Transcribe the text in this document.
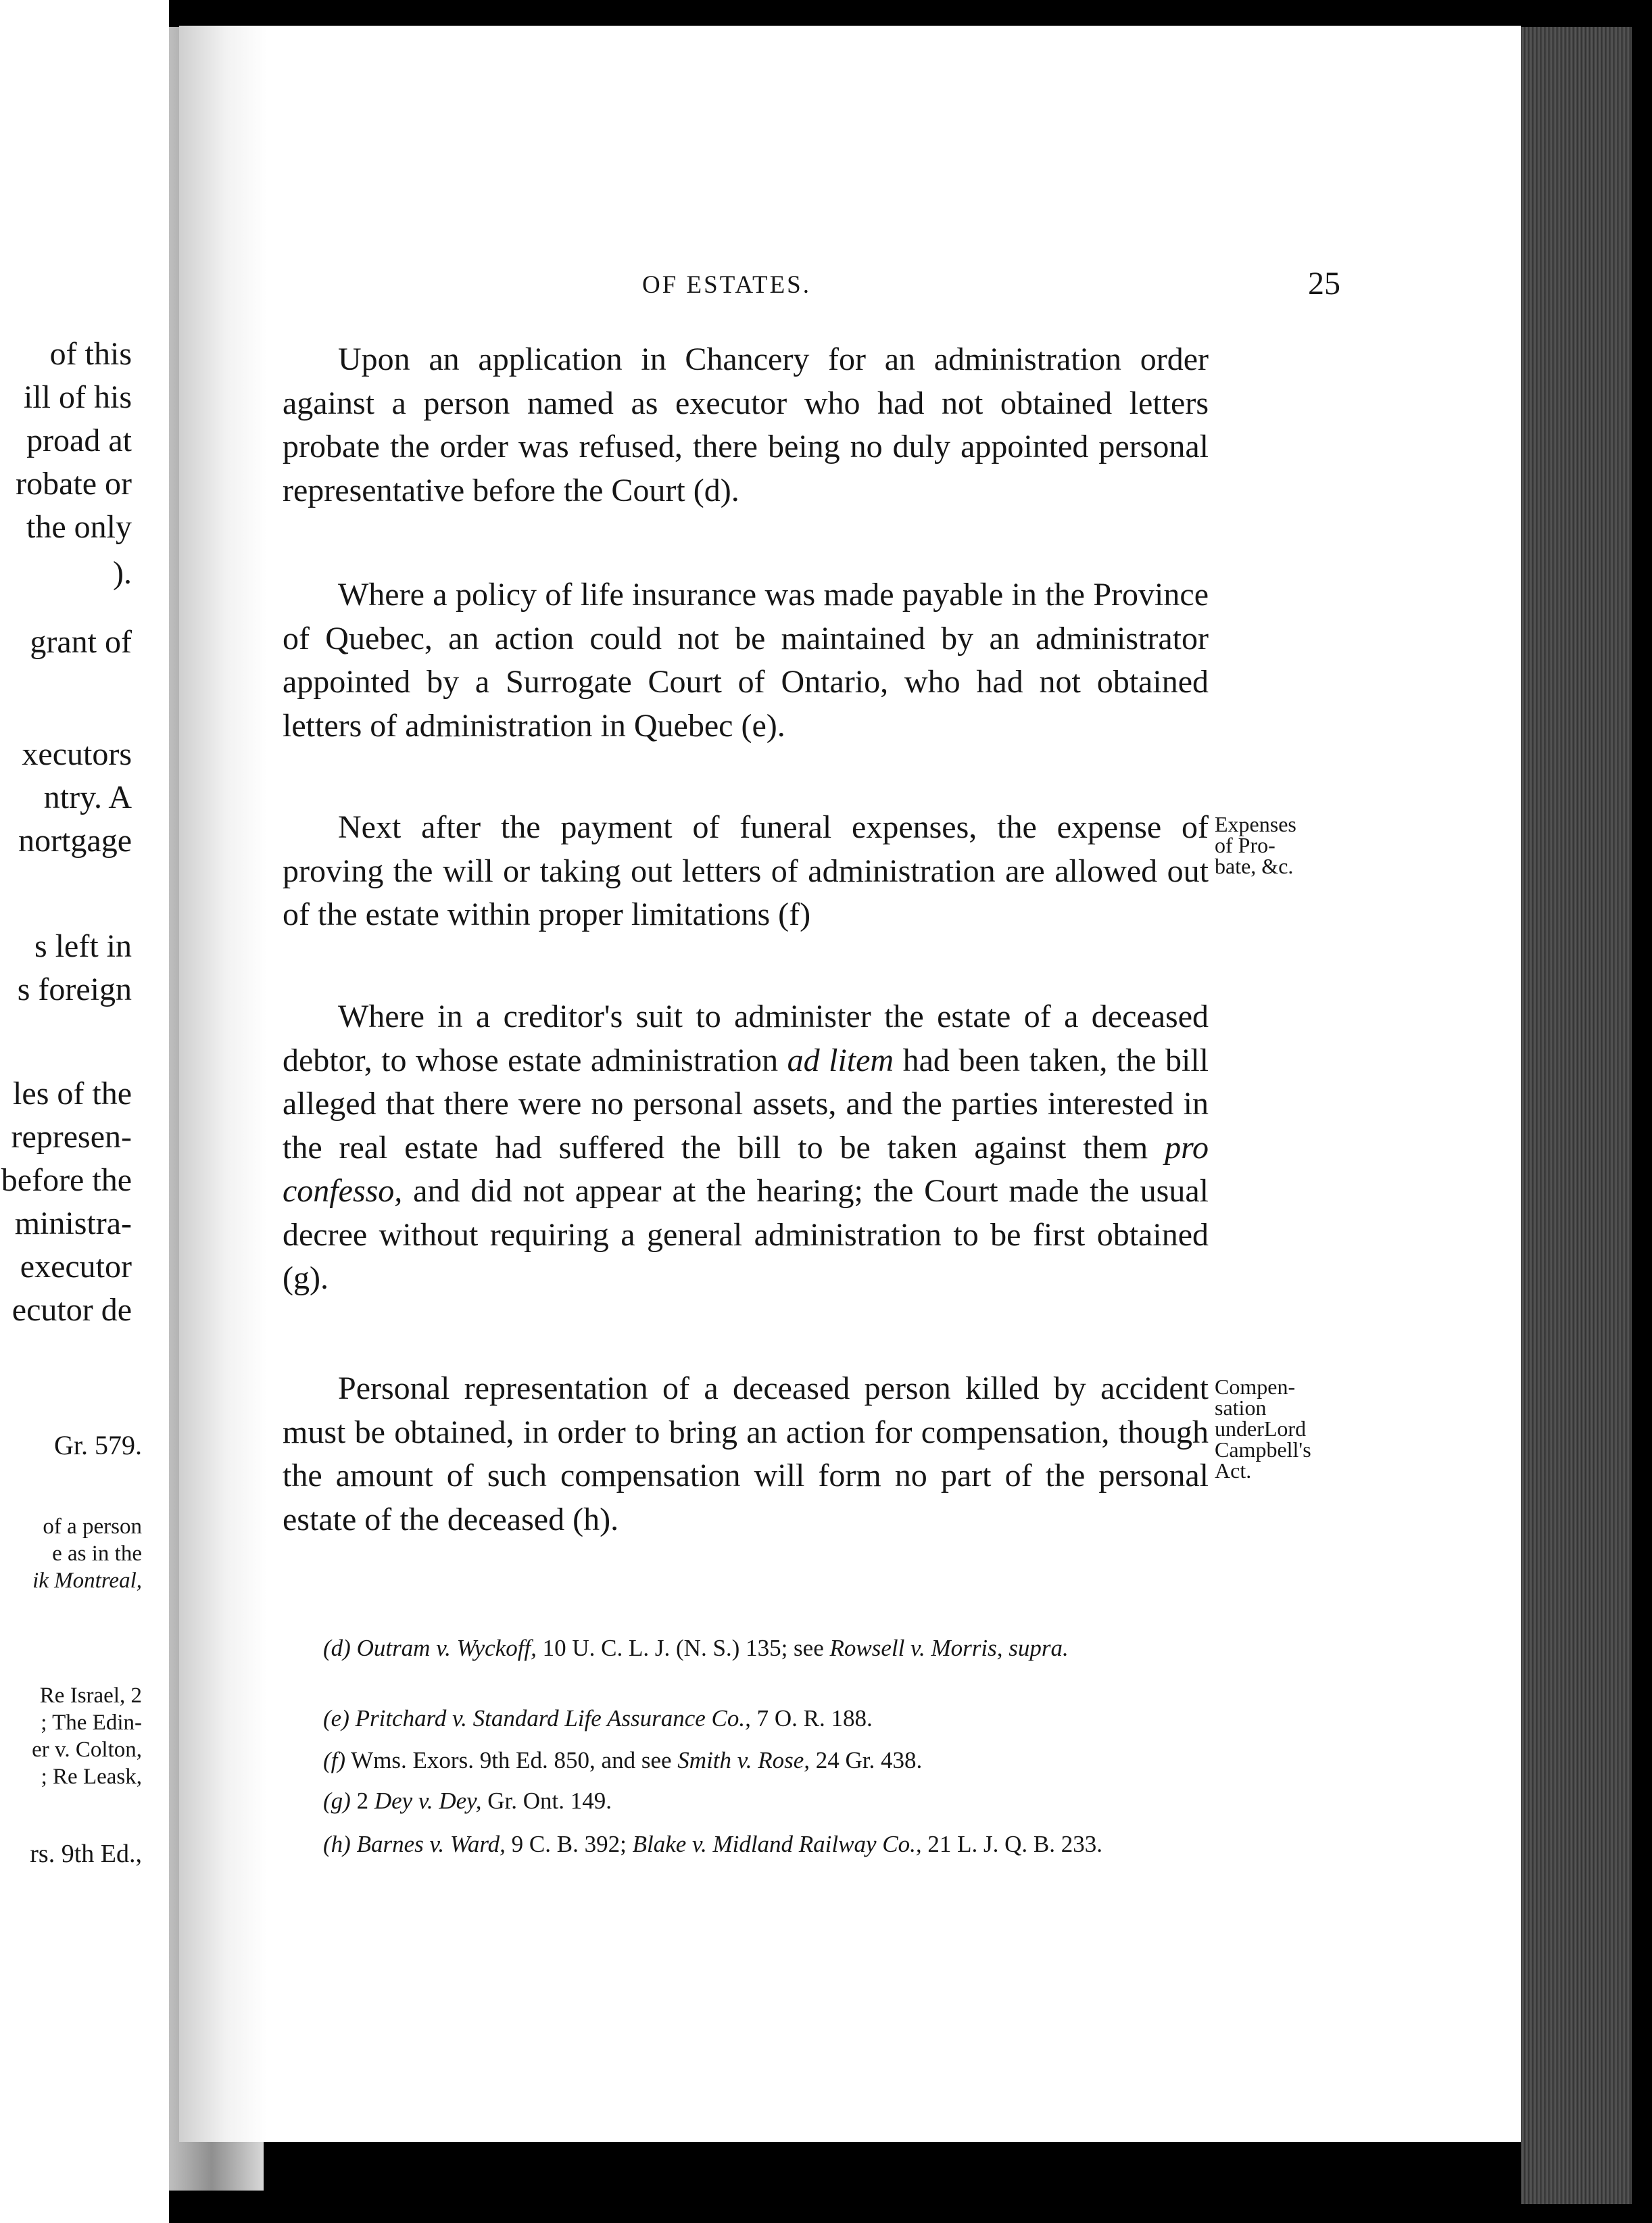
of this
ill of his
proad at
robate or
the only
).
grant of
xecutors
ntry. A
nortgage
s left in
s foreign
les of the
represen-
before the
ministra-
executor
ecutor de
Gr. 579.
of a person
e as in the
ik Montreal,
Re Israel, 2
; The Edin-
er v. Colton,
; Re Leask,
rs. 9th Ed.,
OF ESTATES.	25
Upon an application in Chancery for an administration order against a person named as executor who had not obtained letters probate the order was refused, there being no duly appointed personal representative before the Court (d).
Where a policy of life insurance was made payable in the Province of Quebec, an action could not be maintained by an administrator appointed by a Surrogate Court of Ontario, who had not obtained letters of administration in Quebec (e).
Next after the payment of funeral expenses, the expense of proving the will or taking out letters of administration are allowed out of the estate within proper limitations (f)
Where in a creditor's suit to administer the estate of a deceased debtor, to whose estate administration ad litem had been taken, the bill alleged that there were no personal assets, and the parties interested in the real estate had suffered the bill to be taken against them pro confesso, and did not appear at the hearing; the Court made the usual decree without requiring a general administration to be first obtained (g).
Personal representation of a deceased person killed by accident must be obtained, in order to bring an action for compensation, though the amount of such compensation will form no part of the personal estate of the deceased (h).
Expenses
of Pro-
bate, &c.
Compen-
sation
underLord
Campbell's
Act.
(d) Outram v. Wyckoff, 10 U. C. L. J. (N. S.) 135; see Rowsell v. Morris, supra.
(e) Pritchard v. Standard Life Assurance Co., 7 O. R. 188.
(f) Wms. Exors. 9th Ed. 850, and see Smith v. Rose, 24 Gr. 438.
(g) 2 Dey v. Dey, Gr. Ont. 149.
(h) Barnes v. Ward, 9 C. B. 392; Blake v. Midland Railway Co., 21 L. J. Q. B. 233.
